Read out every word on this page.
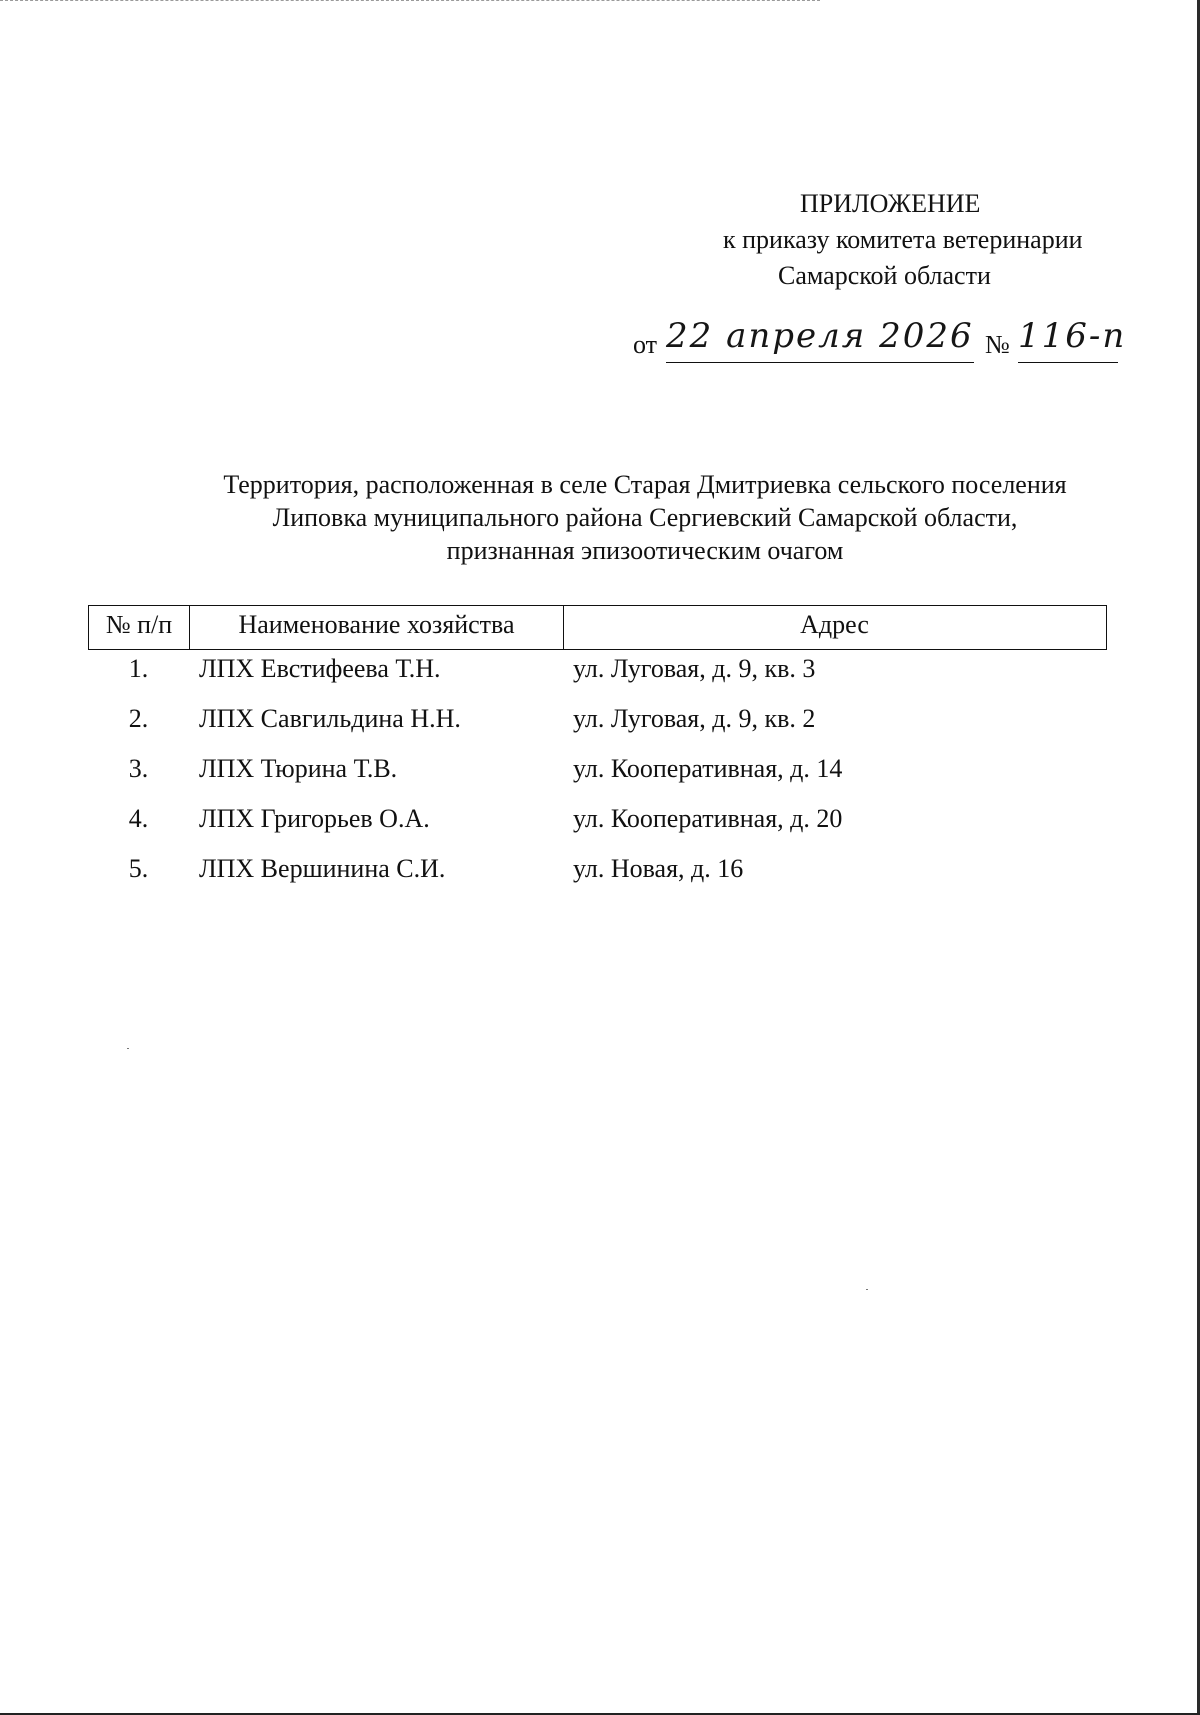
ПРИЛОЖЕНИЕ
к приказу комитета ветеринарии
Самарской области
от 22 апреля 2026 № 116-п
Территория, расположенная в селе Старая Дмитриевка сельского поселения
Липовка муниципального района Сергиевский Самарской области,
признанная эпизоотическим очагом
№ п/п	Наименование хозяйства	Адрес
1.	ЛПХ Евстифеева Т.Н.	ул. Луговая, д. 9, кв. 3
2.	ЛПХ Савгильдина Н.Н.	ул. Луговая, д. 9, кв. 2
3.	ЛПХ Тюрина Т.В.	ул. Кооперативная, д. 14
4.	ЛПХ Григорьев О.А.	ул. Кооперативная, д. 20
5.	ЛПХ Вершинина С.И.	ул. Новая, д. 16
